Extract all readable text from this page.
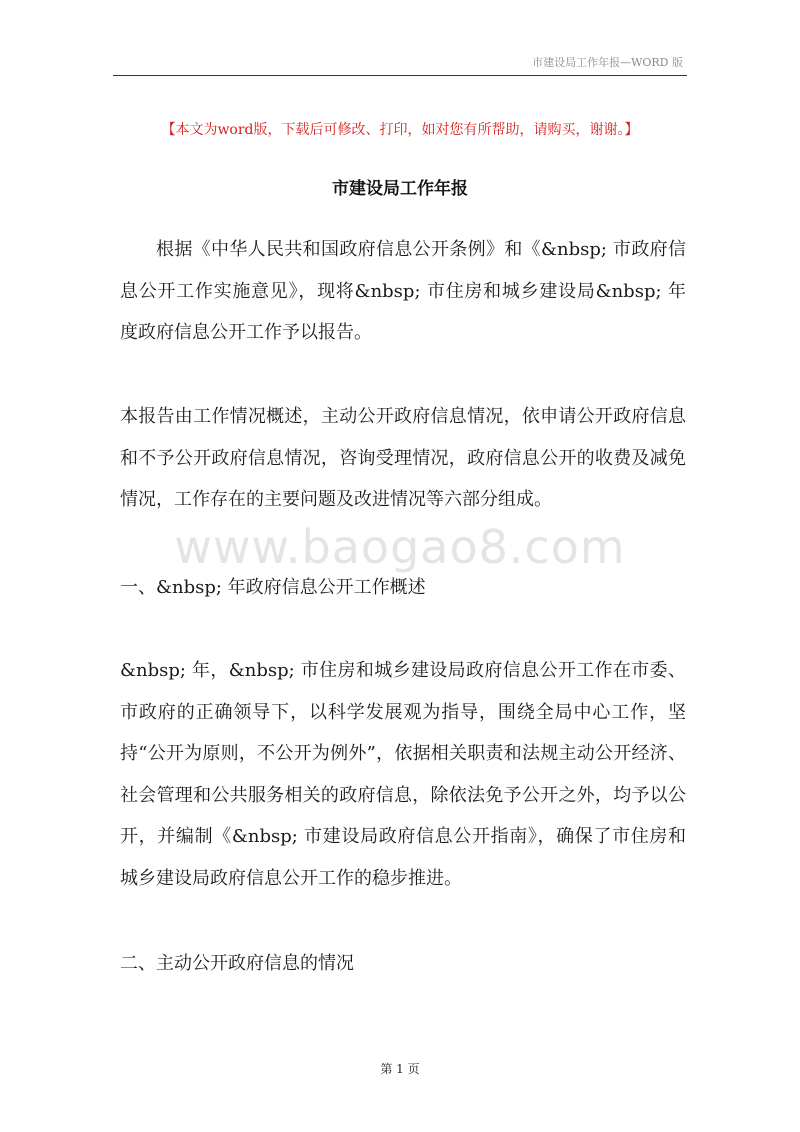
市建设局工作年报—WORD 版
【本文为word版，下载后可修改、打印，如对您有所帮助，请购买，谢谢。】
市建设局工作年报

根据《中华人民共和国政府信息公开条例》和《&nbsp; 市政府信息公开工作实施意见》，现将&nbsp; 市住房和城乡建设局&nbsp; 年度政府信息公开工作予以报告。

本报告由工作情况概述，主动公开政府信息情况，依申请公开政府信息和不予公开政府信息情况，咨询受理情况，政府信息公开的收费及减免情况，工作存在的主要问题及改进情况等六部分组成。

www.baogao8.com

一、&nbsp; 年政府信息公开工作概述

&nbsp; 年，&nbsp; 市住房和城乡建设局政府信息公开工作在市委、市政府的正确领导下，以科学发展观为指导，围绕全局中心工作，坚持“公开为原则，不公开为例外”，依据相关职责和法规主动公开经济、社会管理和公共服务相关的政府信息，除依法免予公开之外，均予以公开，并编制《&nbsp; 市建设局政府信息公开指南》，确保了市住房和城乡建设局政府信息公开工作的稳步推进。

二、主动公开政府信息的情况

第 1 页
